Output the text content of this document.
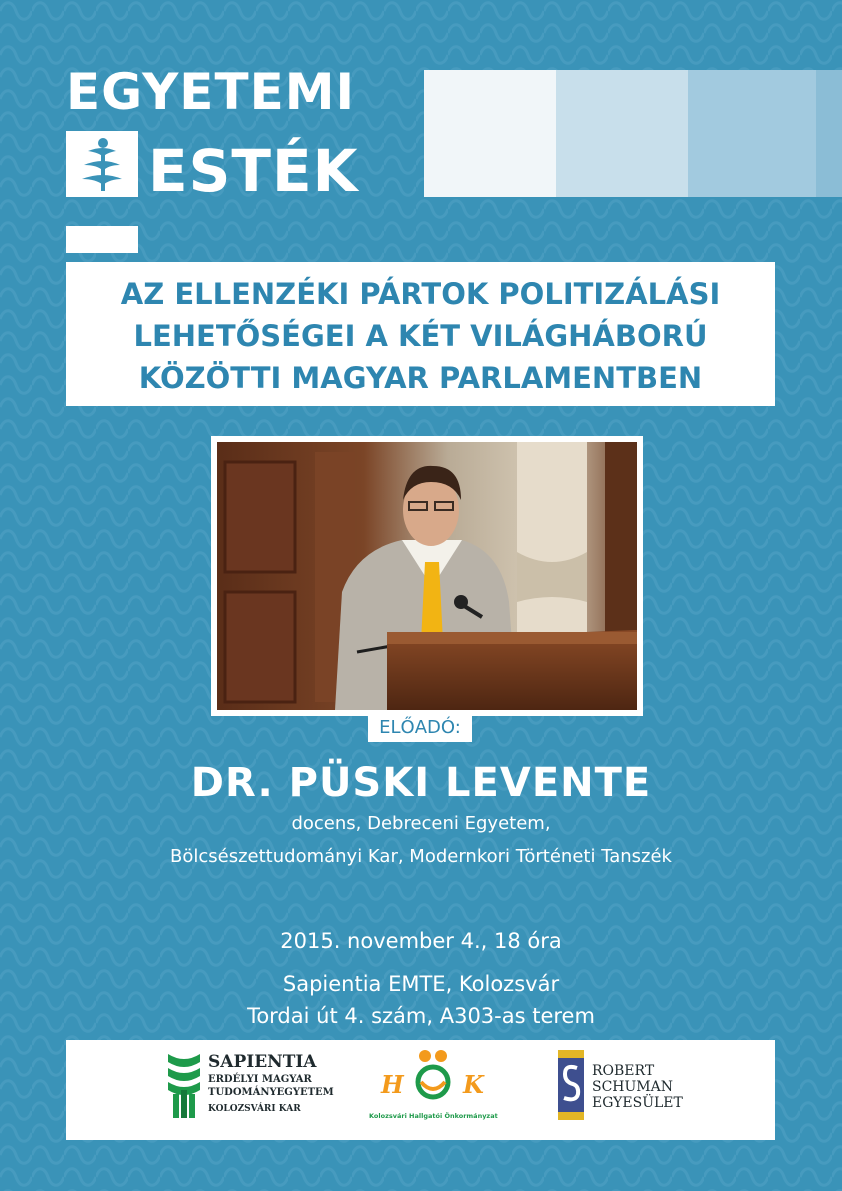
EGYETEMI
ESTÉK
AZ ELLENZÉKI PÁRTOK POLITIZÁLÁSI
LEHETŐSÉGEI A KÉT VILÁGHÁBORÚ
KÖZÖTTI MAGYAR PARLAMENTBEN
ELŐADÓ:
DR. PÜSKI LEVENTE
docens, Debreceni Egyetem,
Bölcsészettudományi Kar, Modernkori Történeti Tanszék
2015. november 4., 18 óra
Sapientia EMTE, Kolozsvár
Tordai út 4. szám, A303-as terem
SAPIENTIA
ERDÉLYI MAGYAR
TUDOMÁNYEGYETEM
KOLOZSVÁRI KAR
H K
Kolozsvári Hallgatói Önkormányzat
ROBERT
SCHUMAN
EGYESÜLET
